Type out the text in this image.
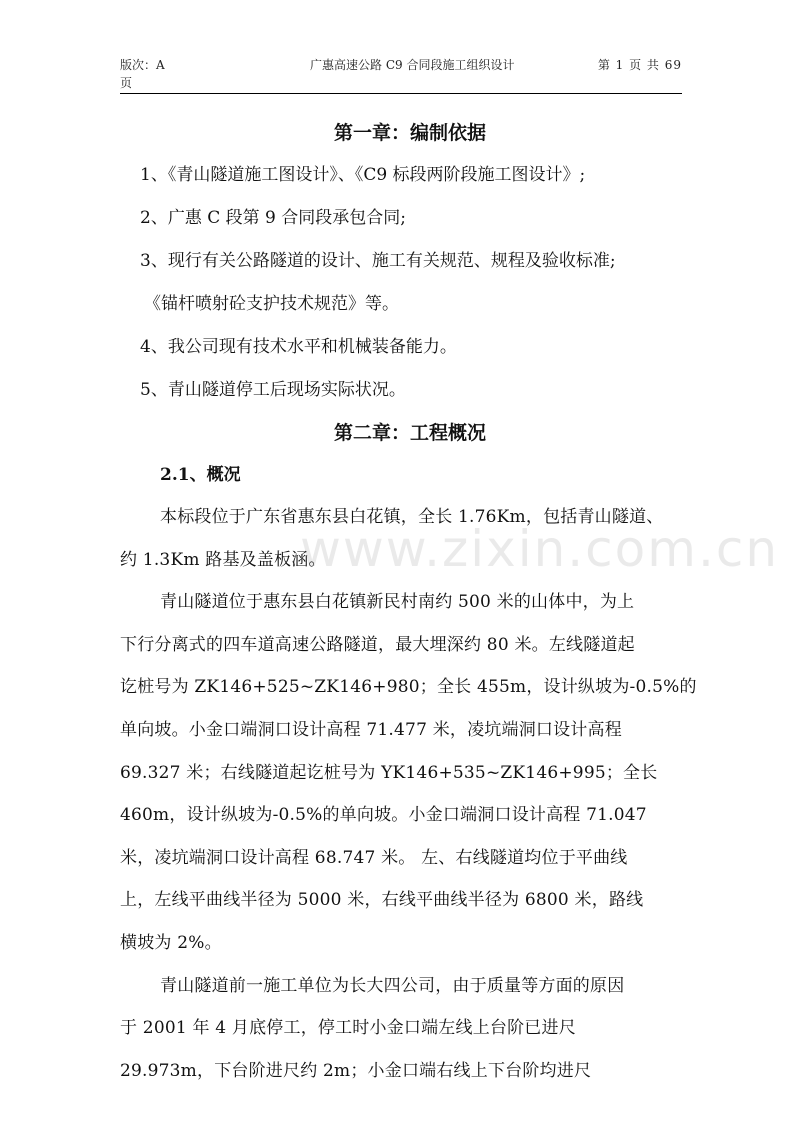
版次：A
页
广惠高速公路 C9 合同段施工组织设计	第 1 页 共 69
www.zixin.com.cn
第一章：编制依据

1、《青山隧道施工图设计》、《C9 标段两阶段施工图设计》;

2、广惠 C 段第 9 合同段承包合同;

3、现行有关公路隧道的设计、施工有关规范、规程及验收标准;

《锚杆喷射砼支护技术规范》等。

4、我公司现有技术水平和机械装备能力。

5、青山隧道停工后现场实际状况。

第二章：工程概况
2.1、概况

本标段位于广东省惠东县白花镇，全长 1.76Km，包括青山隧道、
约 1.3Km 路基及盖板涵。

青山隧道位于惠东县白花镇新民村南约 500 米的山体中，为上
下行分离式的四车道高速公路隧道，最大埋深约 80 米。左线隧道起
讫桩号为 ZK146+525~ZK146+980；全长 455m，设计纵坡为-0.5%的
单向坡。小金口端洞口设计高程 71.477 米，凌坑端洞口设计高程
69.327 米；右线隧道起讫桩号为 YK146+535~ZK146+995；全长
460m，设计纵坡为-0.5%的单向坡。小金口端洞口设计高程 71.047
米，凌坑端洞口设计高程 68.747 米。 左、右线隧道均位于平曲线
上，左线平曲线半径为 5000 米，右线平曲线半径为 6800 米，路线
横坡为 2%。

青山隧道前一施工单位为长大四公司，由于质量等方面的原因
于 2001 年 4 月底停工，停工时小金口端左线上台阶已进尺
29.973m，下台阶进尺约 2m；小金口端右线上下台阶均进尺
